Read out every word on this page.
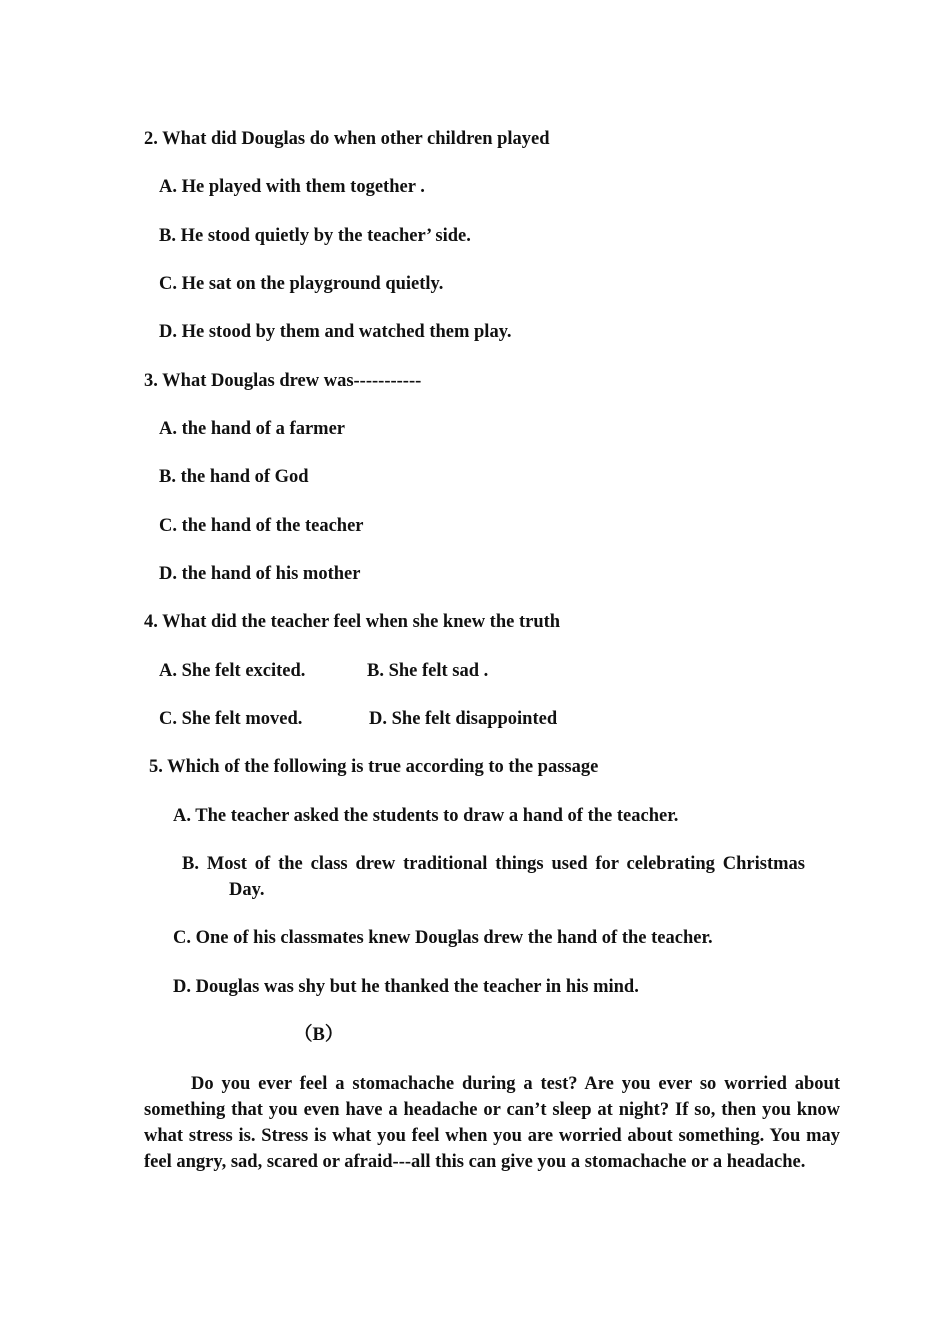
2. What did Douglas do when other children played
A. He played with them together .
B. He stood quietly by the teacher’ side.
C. He sat on the playground quietly.
D. He stood by them and watched them play.
3. What Douglas drew was-----------
A. the hand of a farmer
B. the hand of God
C. the hand of the teacher
D. the hand of his mother
4. What did the teacher feel when she knew the truth
A. She felt excited.	B. She felt sad .
C. She felt moved.	D. She felt disappointed
5. Which of the following is true according to the passage
A. The teacher asked the students to draw a hand of the teacher.
B. Most of the class drew traditional things used for celebrating Christmas
Day.
C. One of his classmates knew Douglas drew the hand of the teacher.
D. Douglas was shy but he thanked the teacher in his mind.
（B）
Do you ever feel a stomachache during a test? Are you ever so worried about something that you even have a headache or can’t sleep at night? If so, then you know what stress is. Stress is what you feel when you are worried about something. You may feel angry, sad, scared or afraid---all this can give you a stomachache or a headache.
